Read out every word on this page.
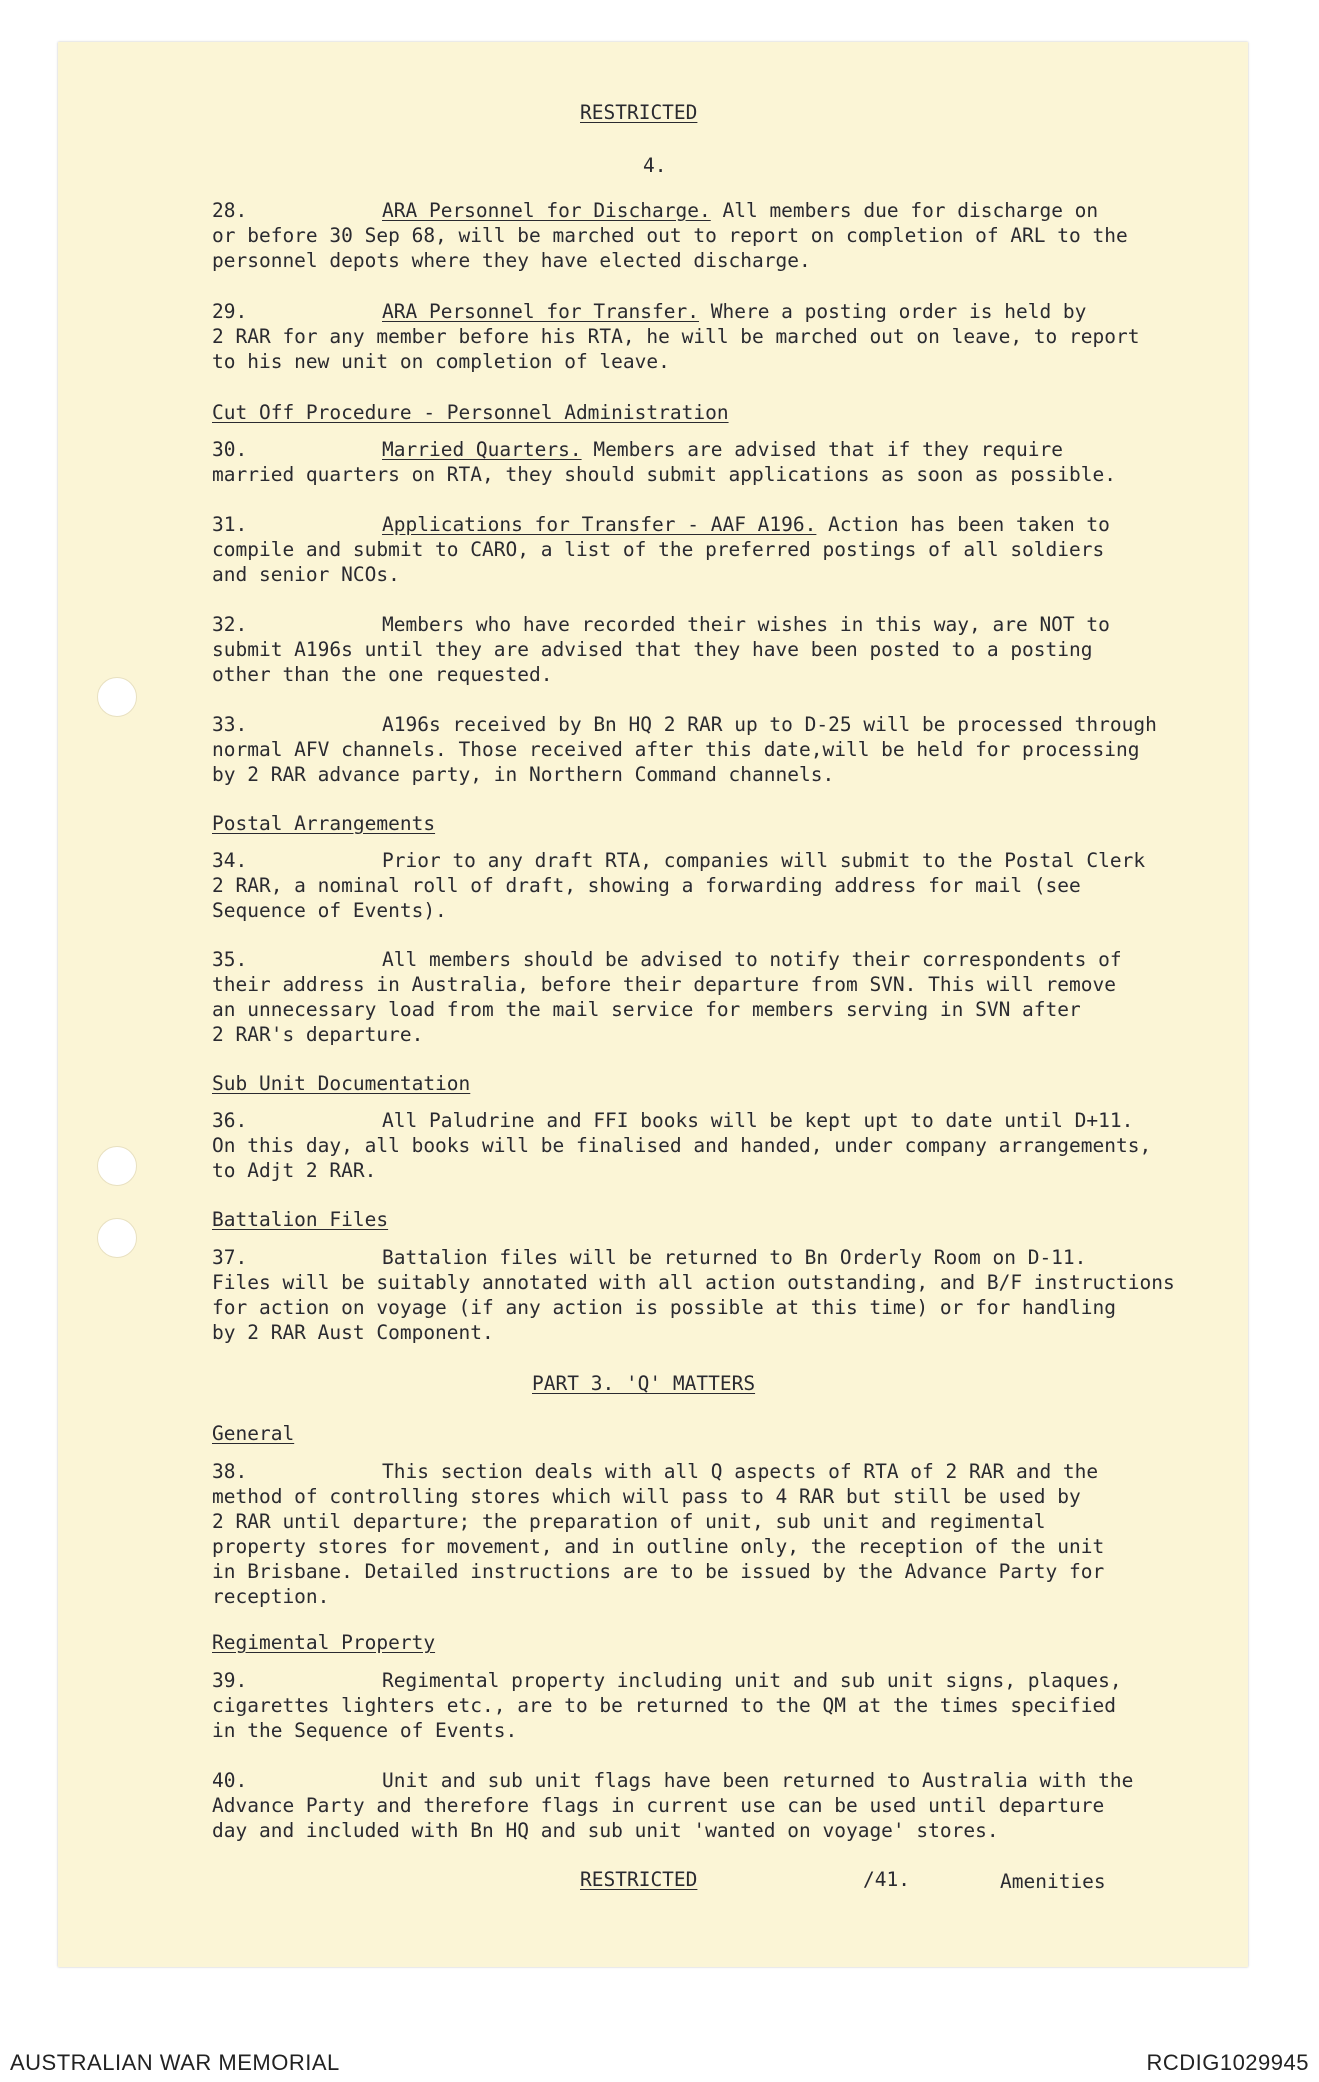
RESTRICTED
4.
28.	ARA Personnel for Discharge. All members due for discharge on
or before 30 Sep 68, will be marched out to report on completion of ARL to the
personnel depots where they have elected discharge.
29.	ARA Personnel for Transfer. Where a posting order is held by
2 RAR for any member before his RTA, he will be marched out on leave, to report
to his new unit on completion of leave.
Cut Off Procedure - Personnel Administration
30.	Married Quarters. Members are advised that if they require
married quarters on RTA, they should submit applications as soon as possible.
31.	Applications for Transfer - AAF A196. Action has been taken to
compile and submit to CARO, a list of the preferred postings of all soldiers
and senior NCOs.
32.	Members who have recorded their wishes in this way, are NOT to
submit A196s until they are advised that they have been posted to a posting
other than the one requested.
33.	A196s received by Bn HQ 2 RAR up to D-25 will be processed through
normal AFV channels. Those received after this date,will be held for processing
by 2 RAR advance party, in Northern Command channels.
Postal Arrangements
34.	Prior to any draft RTA, companies will submit to the Postal Clerk
2 RAR, a nominal roll of draft, showing a forwarding address for mail (see
Sequence of Events).
35.	All members should be advised to notify their correspondents of
their address in Australia, before their departure from SVN. This will remove
an unnecessary load from the mail service for members serving in SVN after
2 RAR's departure.
Sub Unit Documentation
36.	All Paludrine and FFI books will be kept upt to date until D+11.
On this day, all books will be finalised and handed, under company arrangements,
to Adjt 2 RAR.
Battalion Files
37.	Battalion files will be returned to Bn Orderly Room on D-11.
Files will be suitably annotated with all action outstanding, and B/F instructions
for action on voyage (if any action is possible at this time) or for handling
by 2 RAR Aust Component.
PART 3. 'Q' MATTERS
General
38.	This section deals with all Q aspects of RTA of 2 RAR and the
method of controlling stores which will pass to 4 RAR but still be used by
2 RAR until departure; the preparation of unit, sub unit and regimental
property stores for movement, and in outline only, the reception of the unit
in Brisbane. Detailed instructions are to be issued by the Advance Party for
reception.
Regimental Property
39.	Regimental property including unit and sub unit signs, plaques,
cigarettes lighters etc., are to be returned to the QM at the times specified
in the Sequence of Events.
40.	Unit and sub unit flags have been returned to Australia with the
Advance Party and therefore flags in current use can be used until departure
day and included with Bn HQ and sub unit 'wanted on voyage' stores.
RESTRICTED	/41.	Amenities
AUSTRALIAN WAR MEMORIAL	RCDIG1029945
